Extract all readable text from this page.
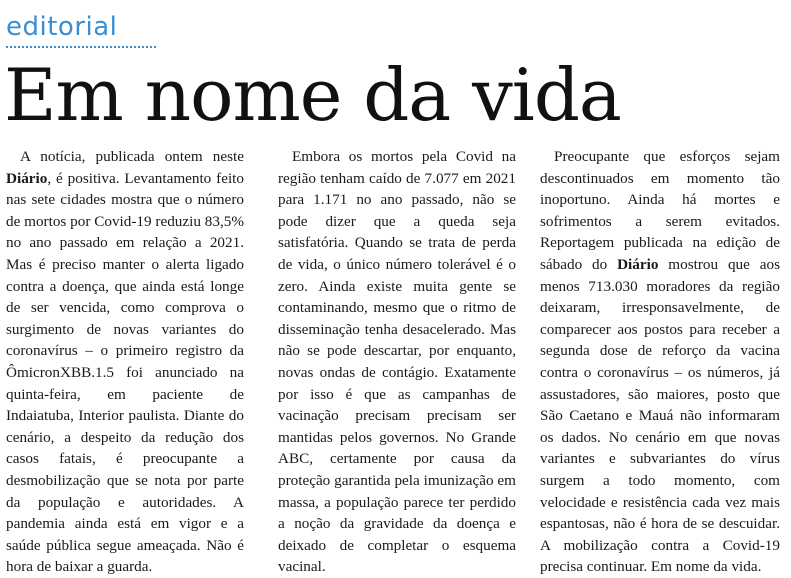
editorial
Em nome da vida
A notícia, publicada ontem neste Diário, é positiva. Levantamento feito nas sete cidades mostra que o número de mortos por Covid-19 reduziu 83,5% no ano passado em relação a 2021. Mas é preciso manter o alerta ligado contra a doença, que ainda está longe de ser vencida, como comprova o surgimento de novas variantes do coronavírus – o primeiro registro da ÔmicronXBB.1.5 foi anunciado na quinta-feira, em paciente de Indaiatuba, Interior paulista. Diante do cenário, a despeito da redução dos casos fatais, é preocupante a desmobilização que se nota por parte da população e autoridades. A pandemia ainda está em vigor e a saúde pública segue ameaçada. Não é hora de baixar a guarda.
Embora os mortos pela Covid na região tenham caído de 7.077 em 2021 para 1.171 no ano passado, não se pode dizer que a queda seja satisfatória. Quando se trata de perda de vida, o único número tolerável é o zero. Ainda existe muita gente se contaminando, mesmo que o ritmo de disseminação tenha desacelerado. Mas não se pode descartar, por enquanto, novas ondas de contágio. Exatamente por isso é que as campanhas de vacinação precisam precisam ser mantidas pelos governos. No Grande ABC, certamente por causa da proteção garantida pela imunização em massa, a população parece ter perdido a noção da gravidade da doença e deixado de completar o esquema vacinal.
Preocupante que esforços sejam descontinuados em momento tão inoportuno. Ainda há mortes e sofrimentos a serem evitados. Reportagem publicada na edição de sábado do Diário mostrou que aos menos 713.030 moradores da região deixaram, irresponsavelmente, de comparecer aos postos para receber a segunda dose de reforço da vacina contra o coronavírus – os números, já assustadores, são maiores, posto que São Caetano e Mauá não informaram os dados. No cenário em que novas variantes e subvariantes do vírus surgem a todo momento, com velocidade e resistência cada vez mais espantosas, não é hora de se descuidar. A mobilização contra a Covid-19 precisa continuar. Em nome da vida.
